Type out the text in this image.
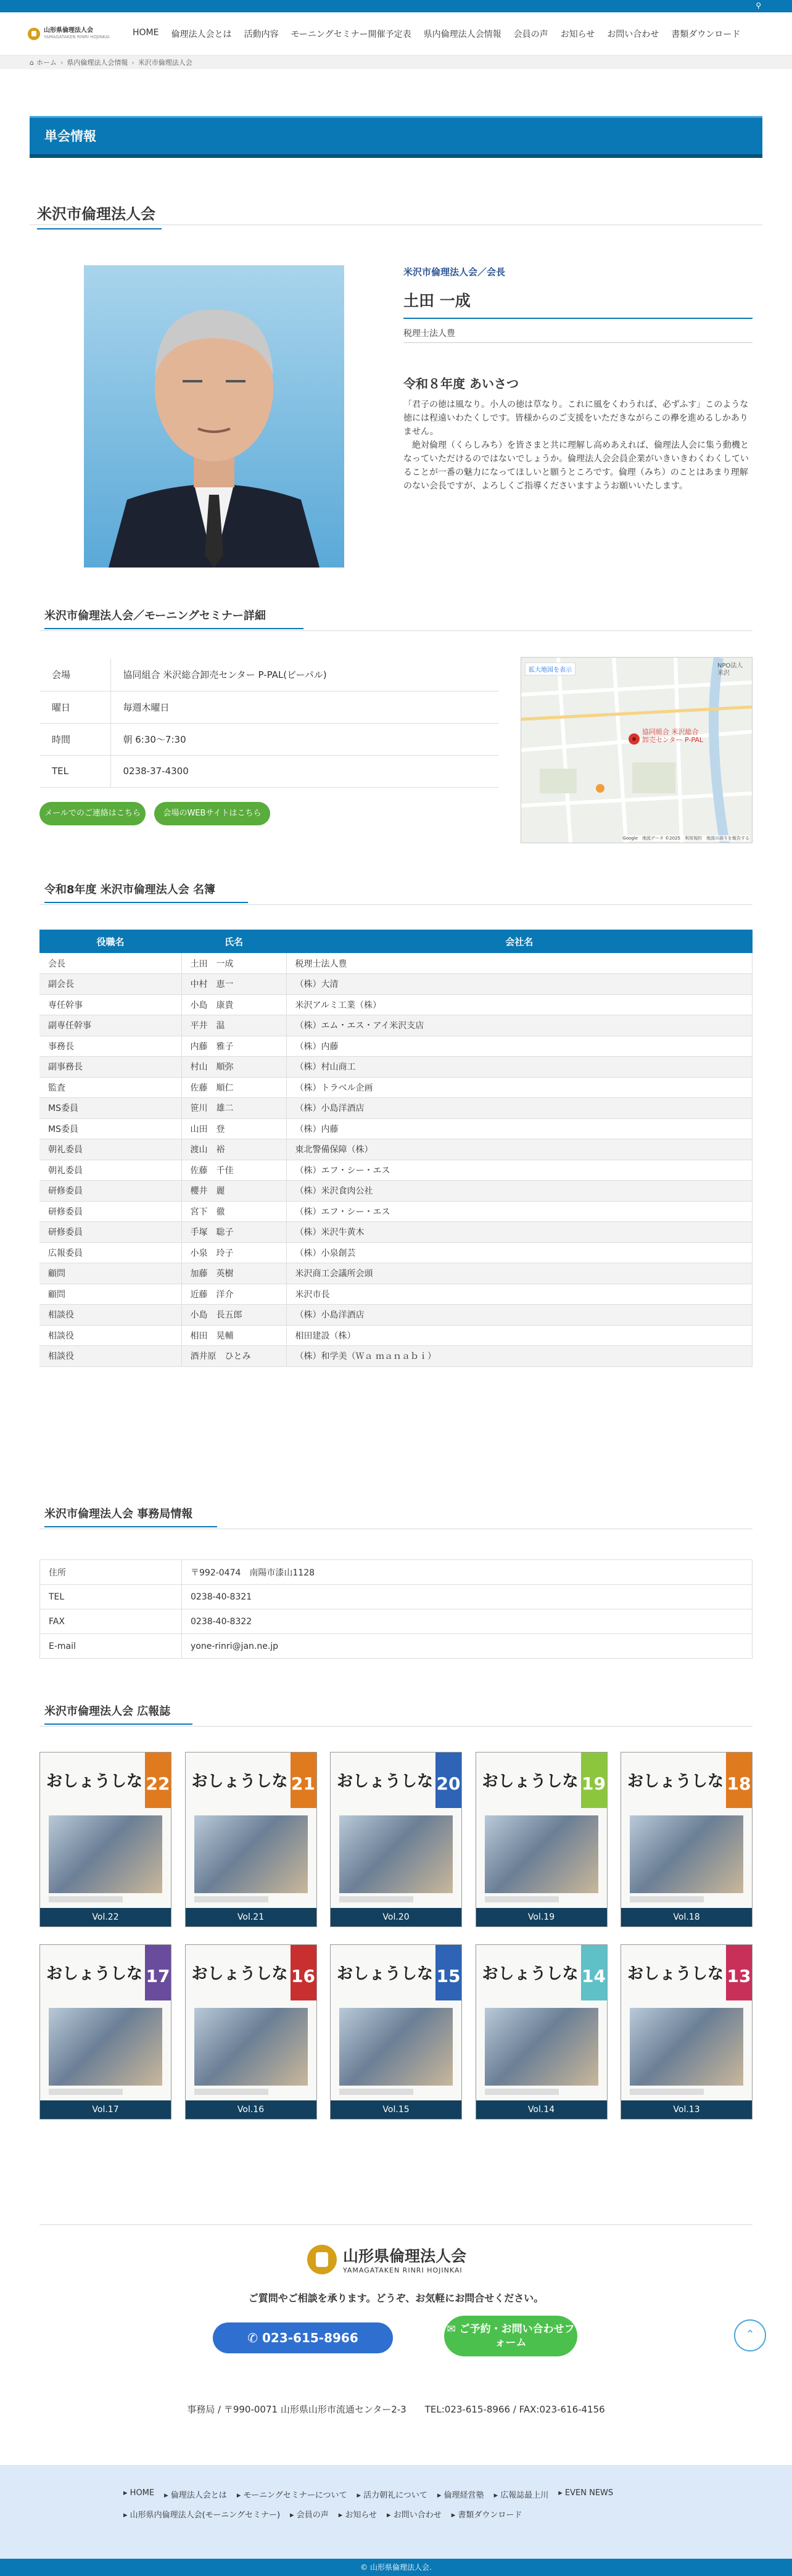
⚲
山形県倫理法人会
YAMAGATAKEN RINRI HOJINKAI	HOME	倫理法人会とは	活動内容	モーニングセミナー開催予定表	県内倫理法人会情報	会員の声	お知らせ	お問い合わせ	書類ダウンロード
⌂ ホーム › 県内倫理法人会情報 › 米沢市倫理法人会
単会情報
米沢市倫理法人会
米沢市倫理法人会／会長
土田 一成
税理士法人豊
令和８年度 あいさつ
「君子の徳は風なり。小人の徳は草なり。これに風をくわうれば、必ずふす」このような徳には程遠いわたくしです。皆様からのご支援をいただきながらこの襷を進めるしかありません。
　絶対倫理（くらしみち）を皆さまと共に理解し高めあえれば、倫理法人会に集う動機となっていただけるのではないでしょうか。倫理法人会会員企業がいきいきわくわくしていることが一番の魅力になってほしいと願うところです。倫理（みち）のことはあまり理解のない会長ですが、よろしくご指導くださいますようお願いいたします。
米沢市倫理法人会／モーニングセミナー詳細
会場	協同組合 米沢総合卸売センター P-PAL(ピーパル)
曜日	毎週木曜日
時間	朝 6:30〜7:30
TEL	0238-37-4300
拡大地図を表示
協同組合 米沢総合
卸売センター P-PAL
NPO法人
米沢
Google　地図データ ©2025　利用規約　地図の誤りを報告する
メールでのご連絡はこちら	会場のWEBサイトはこちら
令和8年度 米沢市倫理法人会 名簿
役職名	氏名	会社名
会長	土田　一成	税理士法人豊
副会長	中村　恵一	（株）大清
専任幹事	小島　康貴	米沢アルミ工業（株）
副専任幹事	平井　温	（株）エム・エス・アイ米沢支店
事務長	内藤　雅子	（株）内藤
副事務長	村山　順弥	（株）村山商工
監査	佐藤　順仁	（株）トラベル企画
MS委員	笹川　雄二	（株）小島洋酒店
MS委員	山田　登	（株）内藤
朝礼委員	渡山　裕	東北警備保障（株）
朝礼委員	佐藤　千佳	（株）エフ・シー・エス
研修委員	櫻井　麗	（株）米沢食肉公社
研修委員	宮下　徹	（株）エフ・シー・エス
研修委員	手塚　聡子	（株）米沢牛黄木
広報委員	小泉　玲子	（株）小泉創芸
顧問	加藤　英樹	米沢商工会議所会頭
顧問	近藤　洋介	米沢市長
相談役	小島　長五郎	（株）小島洋酒店
相談役	相田　晃輔	相田建設（株）
相談役	酒井原　ひとみ	（株）和学美（Ｗａ ｍａｎａｂｉ）
米沢市倫理法人会 事務局情報
住所	〒992-0474　南陽市漆山1128
TEL	0238-40-8321
FAX	0238-40-8322
E-mail	yone-rinri@jan.ne.jp
米沢市倫理法人会 広報誌
おしょうしな 22
Vol.22
おしょうしな 21
Vol.21
おしょうしな 20
Vol.20
おしょうしな 19
Vol.19
おしょうしな 18
Vol.18
おしょうしな 17
Vol.17
おしょうしな 16
Vol.16
おしょうしな 15
Vol.15
おしょうしな 14
Vol.14
おしょうしな 13
Vol.13
山形県倫理法人会
YAMAGATAKEN RINRI HOJINKAI
ご質問やご相談を承ります。どうぞ、お気軽にお問合せください。
✆ 023-615-8966
✉ ご予約・お問い合わせフォーム
⌃
事務局 / 〒990-0071 山形県山形市流通センター2-3　　TEL:023-615-8966 / FAX:023-616-4156
▸ HOME ▸ 倫理法人会とは ▸ モーニングセミナーについて ▸ 活力朝礼について ▸ 倫理経営塾 ▸ 広報誌最上川 ▸ EVEN NEWS
▸ 山形県内倫理法人会(モーニングセミナー) ▸ 会員の声 ▸ お知らせ ▸ お問い合わせ ▸ 書類ダウンロード
© 山形県倫理法人会.
